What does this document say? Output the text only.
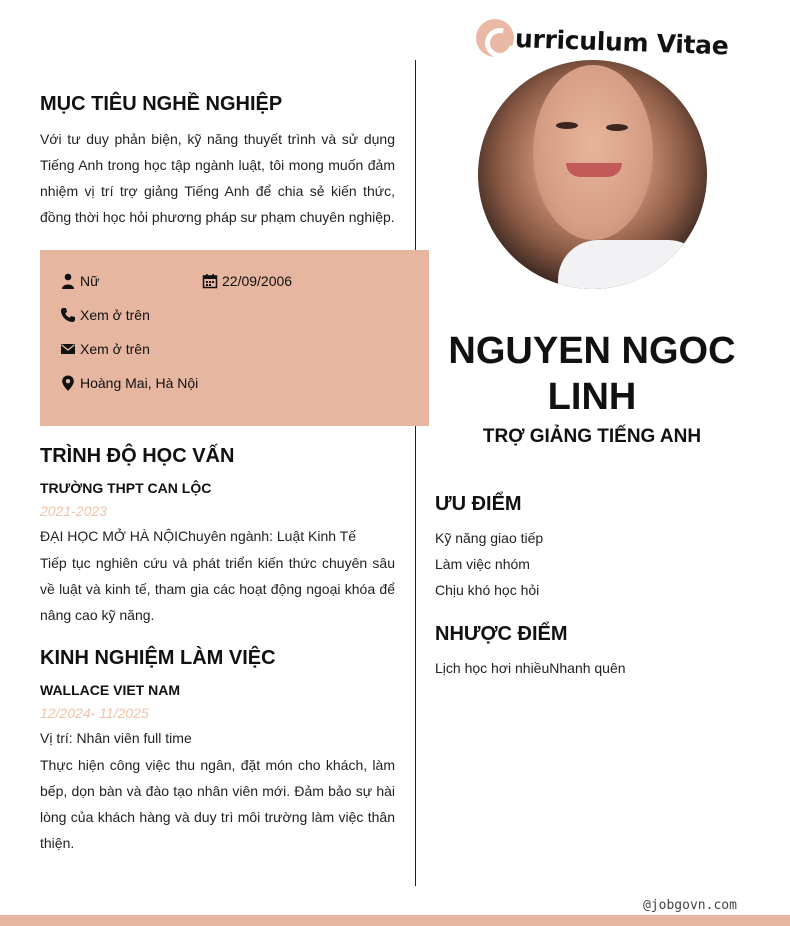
urriculum Vitae
MỤC TIÊU NGHỀ NGHIỆP
Với tư duy phản biện, kỹ năng thuyết trình và sử dụng Tiếng Anh trong học tập ngành luật, tôi mong muốn đảm nhiệm vị trí trợ giảng Tiếng Anh để chia sẻ kiến thức, đồng thời học hỏi phương pháp sư phạm chuyên nghiệp.
Nữ	22/09/2006
Xem ở trên
Xem ở trên
Hoàng Mai, Hà Nội
TRÌNH ĐỘ HỌC VẤN
TRƯỜNG THPT CAN LỘC
2021-2023
ĐẠI HỌC MỞ HÀ NỘIChuyên ngành: Luật Kinh Tế
Tiếp tục nghiên cứu và phát triển kiến thức chuyên sâu về luật và kinh tế, tham gia các hoạt động ngoại khóa để nâng cao kỹ năng.
KINH NGHIỆM LÀM VIỆC
WALLACE VIET NAM
12/2024- 11/2025
Vị trí: Nhân viên full time
Thực hiện công việc thu ngân, đặt món cho khách, làm bếp, dọn bàn và đào tạo nhân viên mới. Đảm bảo sự hài lòng của khách hàng và duy trì môi trường làm việc thân thiện.
NGUYEN NGOC LINH
TRỢ GIẢNG TIẾNG ANH
ƯU ĐIỂM
Kỹ năng giao tiếp
Làm việc nhóm
Chịu khó học hỏi
NHƯỢC ĐIỂM
Lịch học hơi nhiềuNhanh quên
@jobgovn.com
